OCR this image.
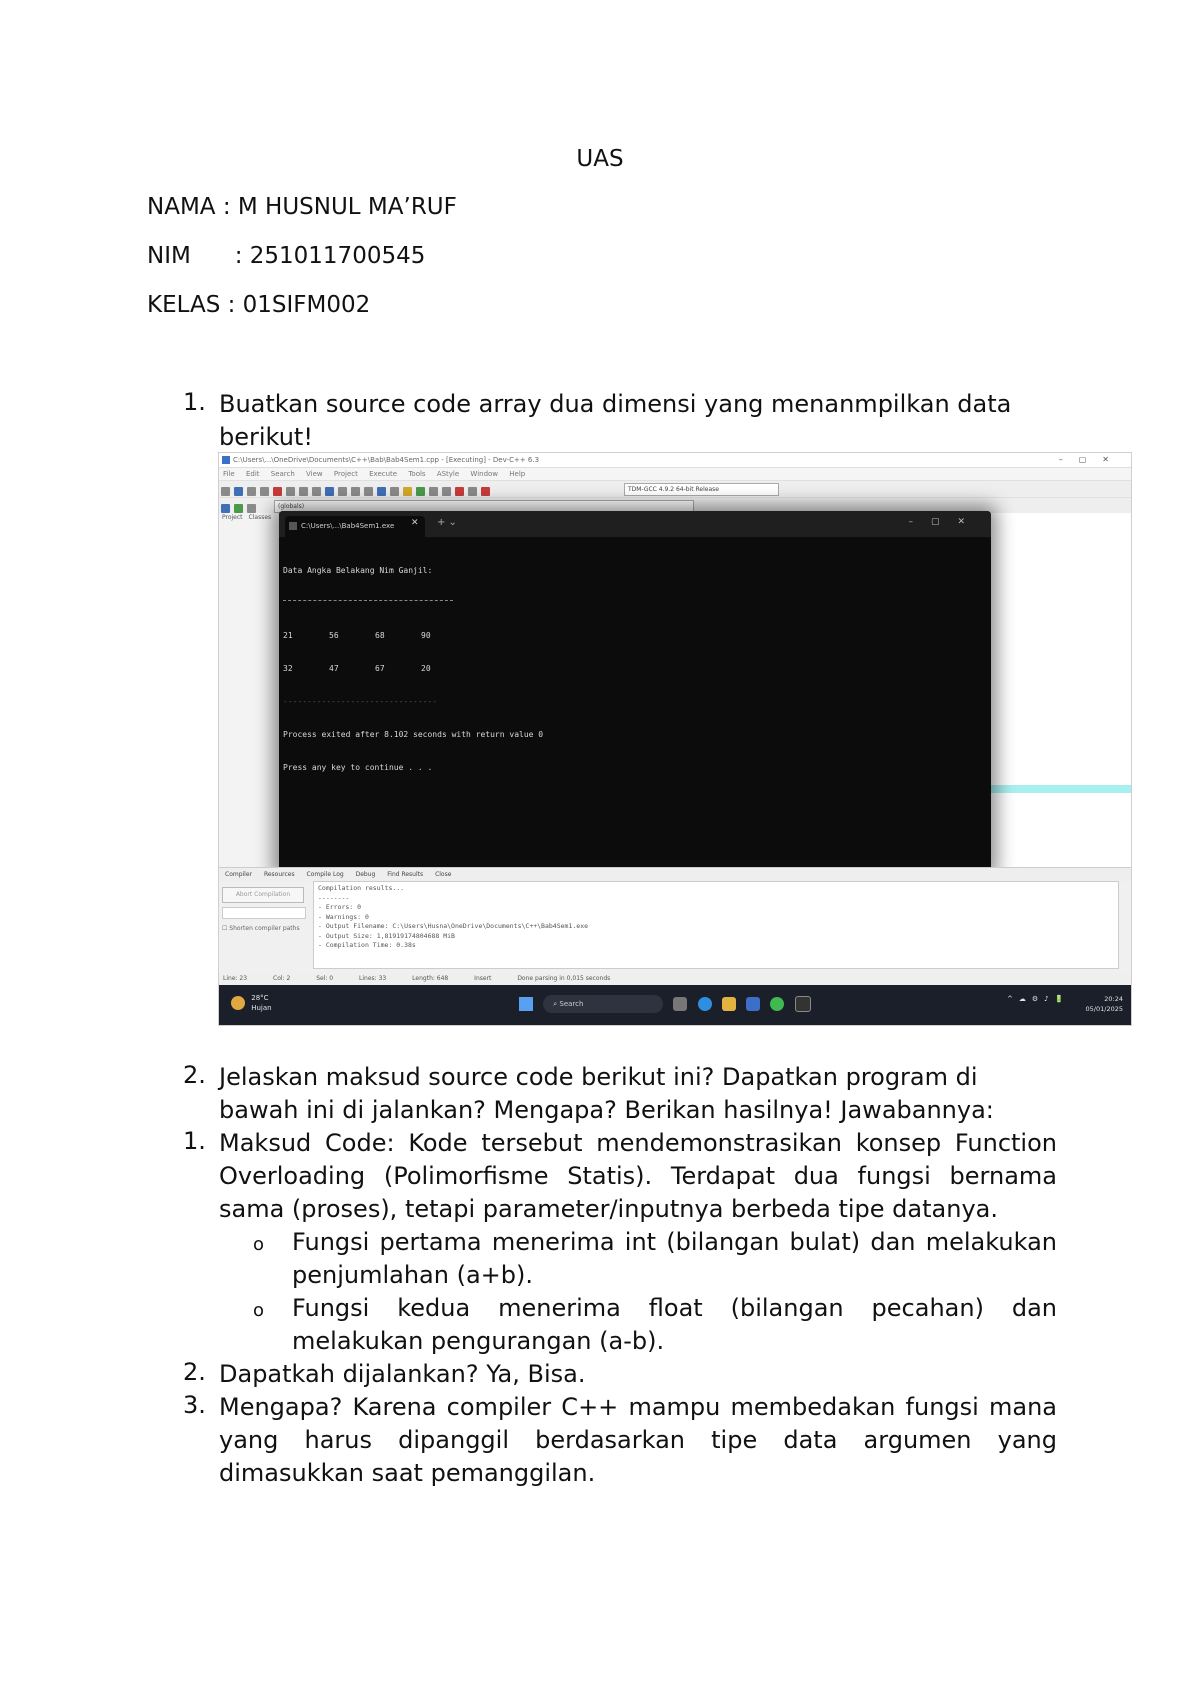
UAS
NAMA : M HUSNUL MA’RUF
NIM      : 251011700545
KELAS : 01SIFM002
1. Buatkan source code array dua dimensi yang menanmpilkan data berikut!
C:\Users\...\OneDrive\Documents\C++\Bab\Bab4Sem1.cpp - [Executing] - Dev-C++ 6.3	–▢✕
File Edit Search View Project Execute Tools AStyle Window Help
TDM-GCC 4.9.2 64-bit Release
(globals)
Project Classes
C:\Users\...\Bab4Sem1.exe	✕ + ⌄	–▢✕

Data Angka Belakang Nim Ganjil:

21	56	68	90

32	47	67	20

--------------------------------

Process exited after 8.102 seconds with return value 0

Press any key to continue . . .

Compiler Resources Compile Log Debug Find Results Close
Abort Compilation
☐ Shorten compiler paths
Compilation results...
--------
- Errors: 0
- Warnings: 0
- Output Filename: C:\Users\Husna\OneDrive\Documents\C++\Bab4Sem1.exe
- Output Size: 1,81919174804688 MiB
- Compilation Time: 0.38s
Line: 23	Col: 2	Sel: 0	Lines: 33	Length: 648	Insert	Done parsing in 0,015 seconds
28°C
Hujan	⌕ Search
^☁⚙♪🔋	20:24
05/01/2025
2. Jelaskan maksud source code berikut ini? Dapatkan program di bawah ini di jalankan? Mengapa? Berikan hasilnya! Jawabannya:
1. Maksud Code: Kode tersebut mendemonstrasikan konsep Function Overloading (Polimorfisme Statis). Terdapat dua fungsi bernama sama (proses), tetapi parameter/inputnya berbeda tipe datanya.
o Fungsi pertama menerima int (bilangan bulat) dan melakukan penjumlahan (a+b).
o Fungsi kedua menerima float (bilangan pecahan) dan melakukan pengurangan (a-b).
2. Dapatkah dijalankan? Ya, Bisa.
3. Mengapa? Karena compiler C++ mampu membedakan fungsi mana yang harus dipanggil berdasarkan tipe data argumen yang dimasukkan saat pemanggilan.
